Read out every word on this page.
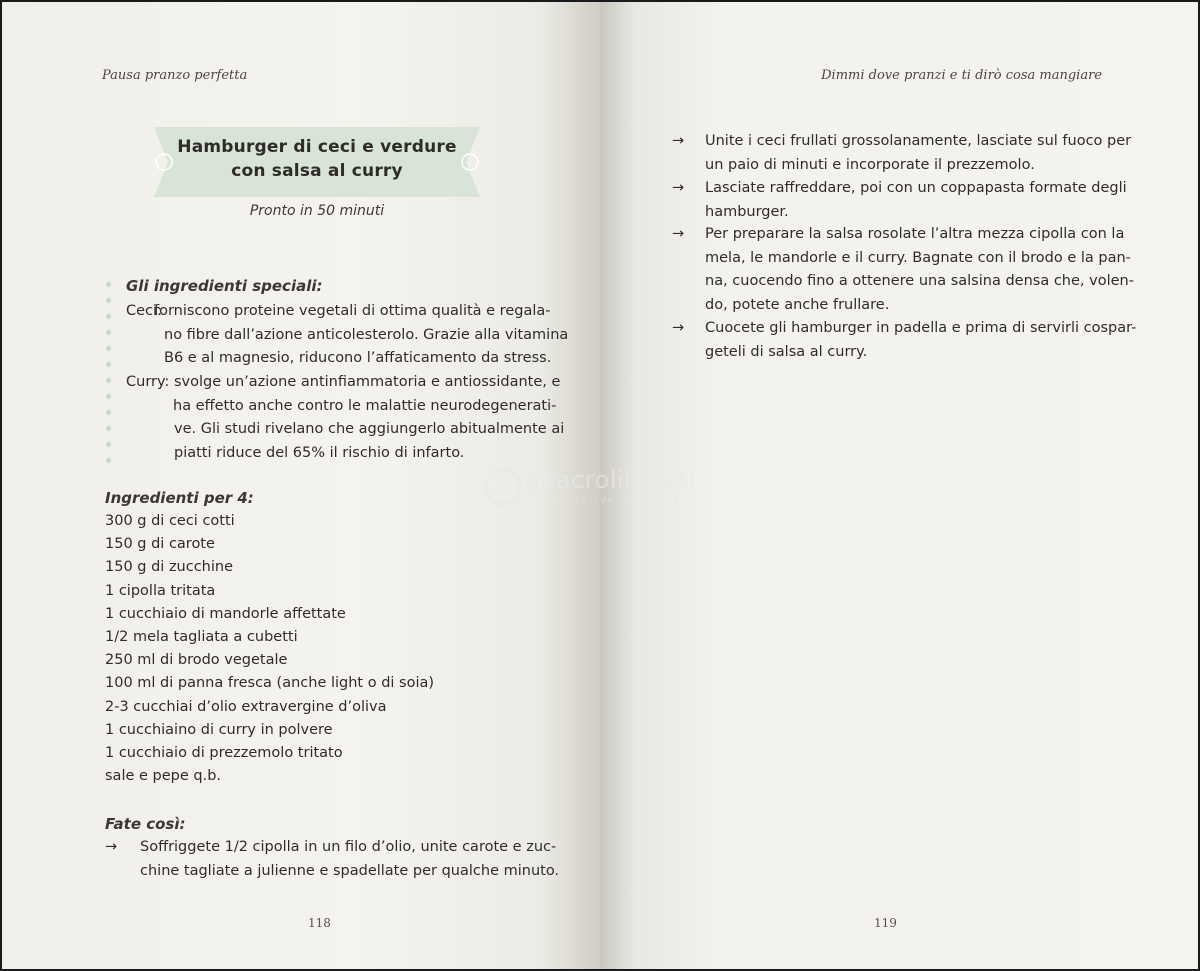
Pausa pranzo perfetta
Hamburger di ceci e verdure
con salsa al curry
Pronto in 50 minuti
Gli ingredienti speciali:
Ceci:
forniscono proteine vegetali di ottima qualità e regala-
no fibre dall’azione anticolesterolo. Grazie alla vitamina
B6 e al magnesio, riducono l’affaticamento da stress.
Curry: svolge un’azione antinfiammatoria e antiossidante, e
ha effetto anche contro le malattie neurodegenerati-
ve. Gli studi rivelano che aggiungerlo abitualmente ai
piatti riduce del 65% il rischio di infarto.
Ingredienti per 4:
300 g di ceci cotti
150 g di carote
150 g di zucchine
1 cipolla tritata
1 cucchiaio di mandorle affettate
1/2 mela tagliata a cubetti
250 ml di brodo vegetale
100 ml di panna fresca (anche light o di soia)
2-3 cucchiai d’olio extravergine d’oliva
1 cucchiaino di curry in polvere
1 cucchiaio di prezzemolo tritato
sale e pepe q.b.
Fate così:
→ Soffriggete 1/2 cipolla in un filo d’olio, unite carote e zuc-
chine tagliate a julienne e spadellate per qualche minuto.
118
Dimmi dove pranzi e ti dirò cosa mangiare
→ Unite i ceci frullati grossolanamente, lasciate sul fuoco per
un paio di minuti e incorporate il prezzemolo.
→ Lasciate raffreddare, poi con un coppapasta formate degli
hamburger.
→ Per preparare la salsa rosolate l’altra mezza cipolla con la
mela, le mandorle e il curry. Bagnate con il brodo e la pan-
na, cuocendo fino a ottenere una salsina densa che, volen-
do, potete anche frullare.
→ Cuocete gli hamburger in padella e prima di servirli cospar-
geteli di salsa al curry.
119
macrolibrarsi
ALTERNATIVA NATURALE
